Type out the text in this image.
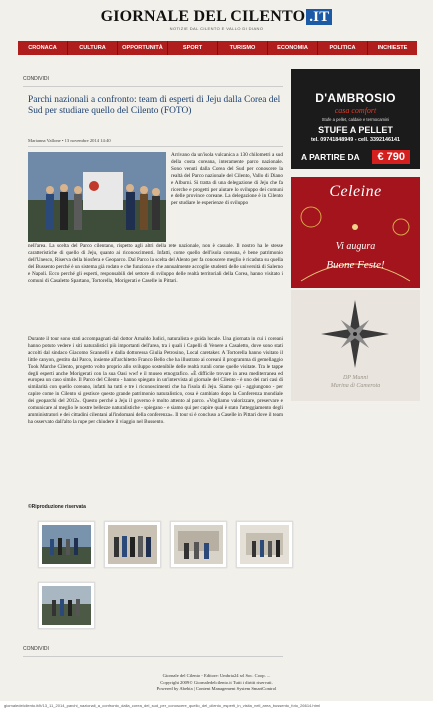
GIORNALE DEL CILENTO .IT
NOTIZIE DAL CILENTO E VALLO DI DIANO
CRONACA	CULTURA	OPPORTUNITÀ	SPORT	TURISMO	ECONOMIA	POLITICA	INCHIESTE
CONDIVIDI
Parchi nazionali a confronto: team di esperti di Jeju dalla Corea del Sud per studiare quello del Cilento (FOTO)
Marianna Vallone • 13 novembre 2014 14:40
Arrivano da un'isola vulcanica a 130 chilometri a sud della costa coreana, interamente parco nazionale. Sono venuti dalla Corea del Sud per conoscere la realtà del Parco nazionale del Cilento, Vallo di Diano e Alburni. Si tratta di una delegazione di Jeju che fa ricerche e progetti per aiutare lo sviluppo dei comuni e delle province coreane. La delegazione è in Cilento per studiare le esperienze di sviluppo
nell'area. La scelta del Parco cilentano, rispetto agli altri della rete nazionale, non è casuale. Il nostro ha le stesse caratteristiche di quello di Jeju, quanto ai riconoscimenti. Infatti, come quello dell'isola coreana, è bene patrimonio dell'Unesco, Riserva della biosfera e Geoparco. Dal Parco la scelta del Alento per fa conoscere meglio è ricaduta su quella del Bussento perché è un sistema già rodato e che funziona e che annualmente accoglie studenti delle università di Salerno e Napoli. Ecco perché gli esperti, responsabili del settore di sviluppo delle realtà territoriali della Corea, hanno visitato i comuni di Casaletto Spartano, Tortorella, Morigerati e Caselle in Pittari.
Durante il tour sono stati accompagnati dal dottor Arnaldo Iudici, naturalista e guida locale. Una giornata in cui i coreani hanno potuto vedere i siti naturalistici più importanti dell'area, tra i quali i Capelli di Venere a Casaletto, dove sono stati accolti dal sindaco Giacomo Scannelli e dalla dottoressa Giulia Petrosino, Local caretaker. A Tortorella hanno visitato il little canyon, gestito dal Parco, insieme all'architetto Franco Bello che ha illustrato ai coreani il programma di gemellaggio Took Marche Cilento, progetto volto proprio allo sviluppo sostenibile delle realtà rurali come quelle visitate. Tra le tappe degli esperti anche Morigerati con la sua Oasi wwf e il museo etnografico. «È difficile trovare in area mediterranea ed europea un caso simile. Il Parco del Cilento - hanno spiegato in un'intervista al giornale del Cilento - è uno dei rari casi di similarità con quello coreano, infatti ha tutti e tre i riconoscimenti che ha l'isola di Jeju. Siamo qui - aggiungono - per capire come in Cilento si gestisce questo grande patrimonio naturalistico, cosa è cambiato dopo la Conferenza mondiale dei geoparchi del 2012». Questo perché a Jeju il governo è molto attento al parco. «Vogliamo valorizzare, preservare e comunicare al meglio le nostre bellezze naturalistiche - spiegano - e siamo qui per capire qual è stato l'atteggiamento degli amministratori e dei cittadini cilentani all'indomani della conferenza». Il tour si è concluso a Caselle in Pittari dove il team ha osservato dall'alto la rupe per chiudere il viaggio nel Bussento.
©Riproduzione riservata
CONDIVIDI
Giornale del Cilento - Editore: Umbria24 srl Soc. Coop. ...
Copyright 2009© Giornaledelcilento.it Tutti i diritti riservati.
Powered by Abebia | Content Management System SmartControl
giornaledelcilento.it/it/13_11_2014_parchi_nazionali_a_confronto_dalla_corea_del_sud_per_conoscere_quello_del_cilento_esperti_in_visita_nell_area_bussento_foto_26614.html
D'AMBROSIO
casa comfort
Stufe a pellet, caldaie e termocamini
STUFE A PELLET
tel. 09741848949 - cell. 3392146141
A PARTIRE DA	€ 790
Celeine
Vi augura
Buone Feste!
DP Munni
Marina di Camerota
